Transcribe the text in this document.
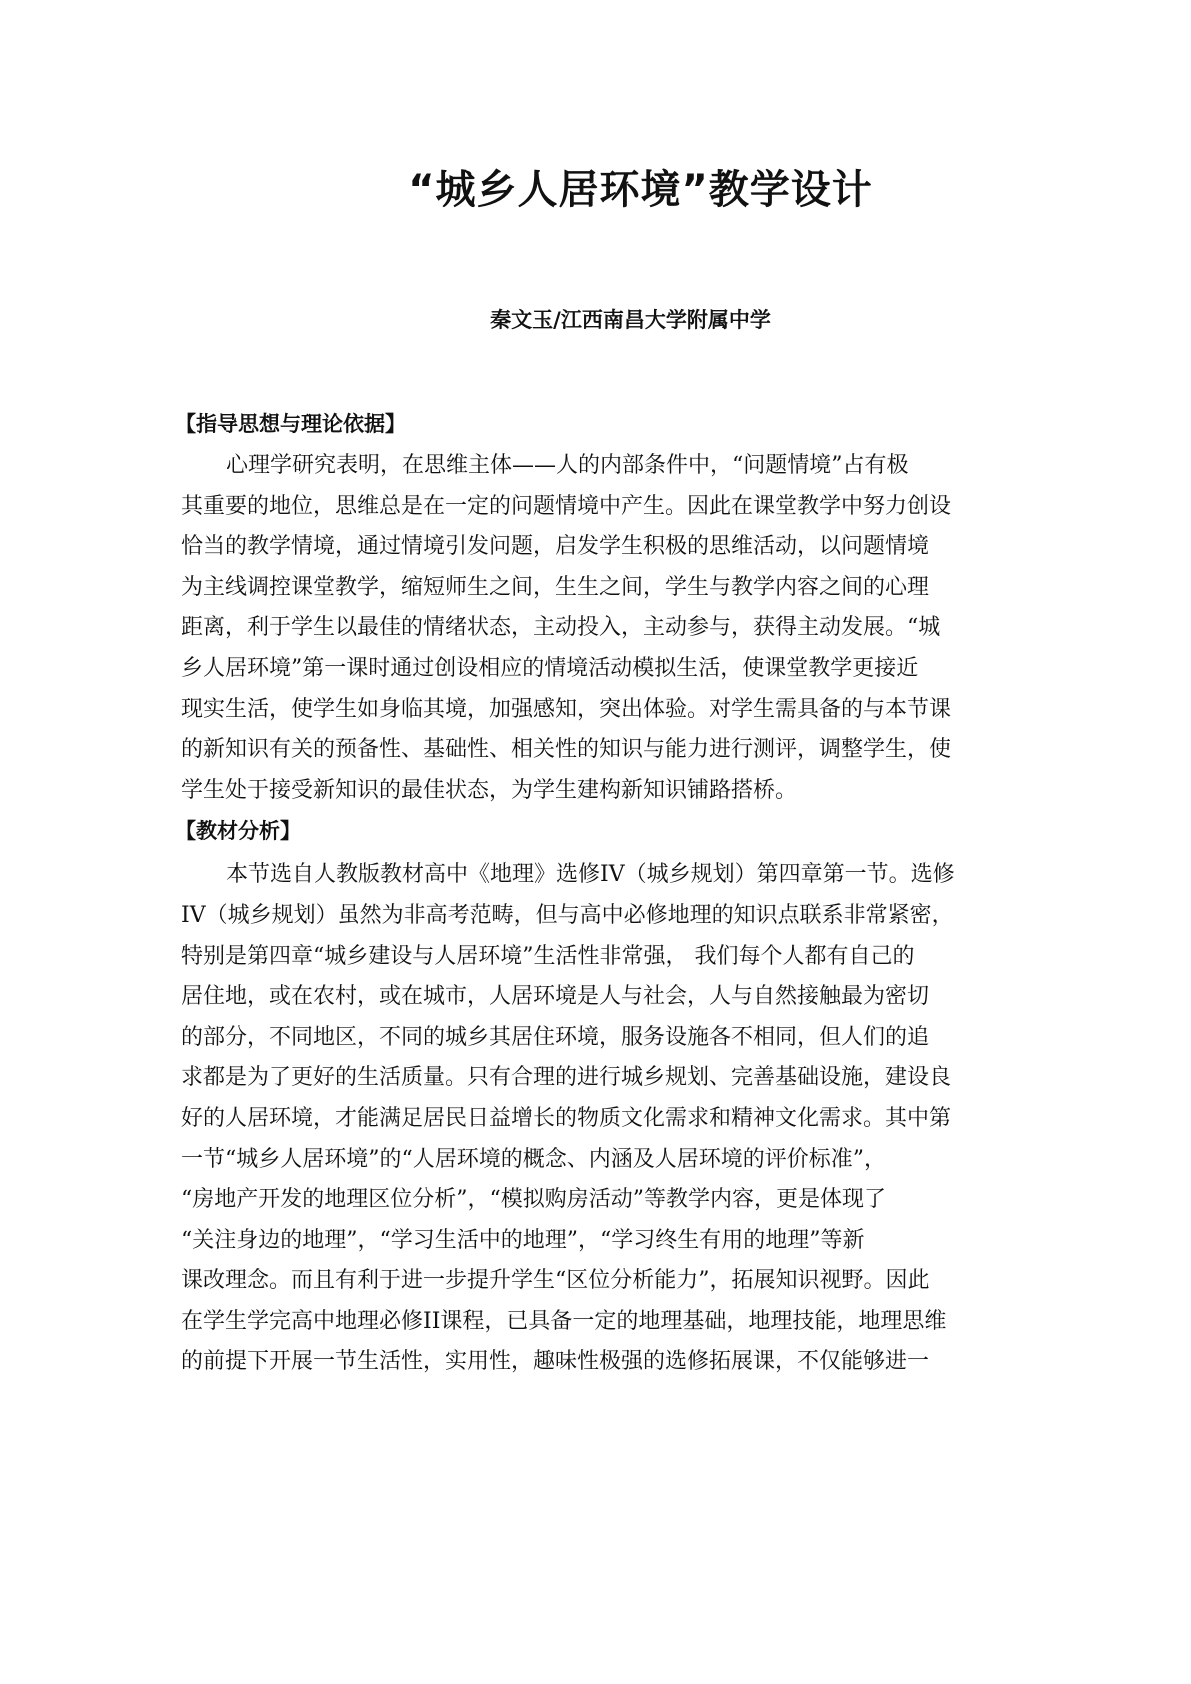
“城乡人居环境”教学设计

秦文玉/江西南昌大学附属中学

【指导思想与理论依据】
心理学研究表明，在思维主体——人的内部条件中，“问题情境”占有极
其重要的地位，思维总是在一定的问题情境中产生。因此在课堂教学中努力创设
恰当的教学情境，通过情境引发问题，启发学生积极的思维活动，以问题情境
为主线调控课堂教学，缩短师生之间，生生之间，学生与教学内容之间的心理
距离，利于学生以最佳的情绪状态，主动投入，主动参与，获得主动发展。“城
乡人居环境”第一课时通过创设相应的情境活动模拟生活，使课堂教学更接近
现实生活，使学生如身临其境，加强感知，突出体验。对学生需具备的与本节课
的新知识有关的预备性、基础性、相关性的知识与能力进行测评，调整学生，使
学生处于接受新知识的最佳状态，为学生建构新知识铺路搭桥。
【教材分析】
本节选自人教版教材高中《地理》选修IV（城乡规划）第四章第一节。选修
IV（城乡规划）虽然为非高考范畴，但与高中必修地理的知识点联系非常紧密，
特别是第四章“城乡建设与人居环境”生活性非常强， 我们每个人都有自己的
居住地，或在农村，或在城市，人居环境是人与社会，人与自然接触最为密切
的部分，不同地区，不同的城乡其居住环境，服务设施各不相同，但人们的追
求都是为了更好的生活质量。只有合理的进行城乡规划、完善基础设施，建设良
好的人居环境，才能满足居民日益增长的物质文化需求和精神文化需求。其中第
一节“城乡人居环境”的“人居环境的概念、内涵及人居环境的评价标准”，
“房地产开发的地理区位分析”，“模拟购房活动”等教学内容，更是体现了
“关注身边的地理”，“学习生活中的地理”，“学习终生有用的地理”等新
课改理念。而且有利于进一步提升学生“区位分析能力”，拓展知识视野。因此
在学生学完高中地理必修II课程，已具备一定的地理基础，地理技能，地理思维
的前提下开展一节生活性，实用性，趣味性极强的选修拓展课，不仅能够进一
